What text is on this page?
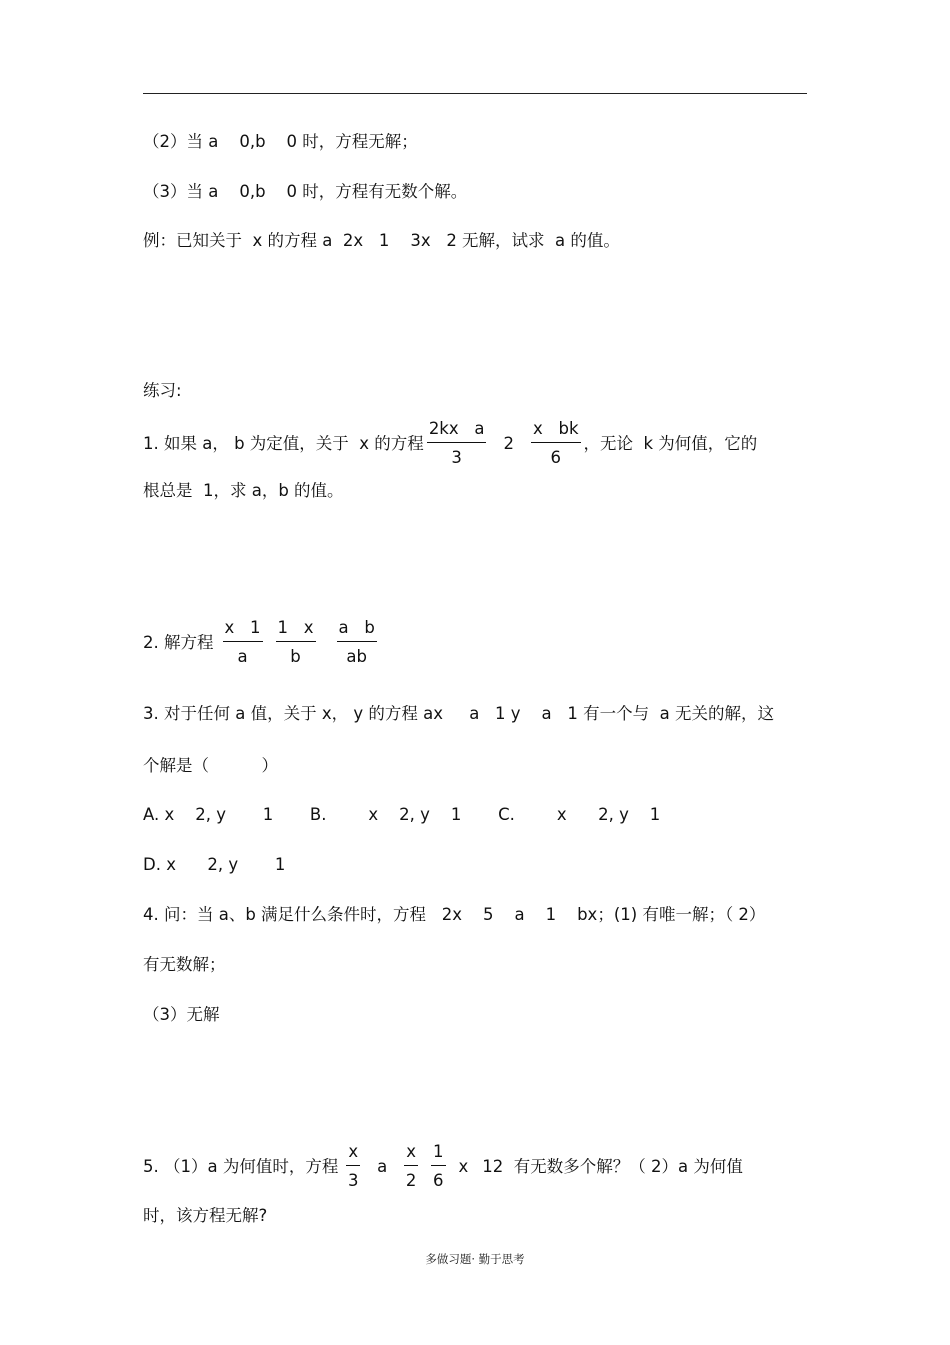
（2）当 a    0,b    0 时，方程无解；
（3）当 a    0,b    0 时，方程有无数个解。
例：已知关于  x 的方程 a  2x   1    3x   2 无解，试求  a 的值。
练习:
1. 如果 a， b 为定值，关于  x 的方程 $\frac{\text{2kx   a}}{3} 2 \frac{\text{x   bk}}{6}$ ，无论  k 为何值，它的
根总是  1，求 a，b 的值。
2. 解方程 $\frac{x 1}{a} \frac{1 x}{b} \frac{\text{a   b}}{ab}$
3. 对于任何 a 值，关于 x， y 的方程 ax     a   1 y    a   1 有一个与  a 无关的解，这
个解是（          ）
A. x    2, y       1       B.        x    2, y    1       C.        x      2, y    1
D. x      2, y       1
4. 问：当 a、b 满足什么条件时，方程   2x    5    a    1    bx；(1) 有唯一解；（ 2）
有无数解；
（3）无解
5. （1）a 为何值时，方程 $\frac{x}{3}$ a $\frac{x}{2} \frac{1}{6}$ x 12  有无数多个解？（ 2）a 为何值
时，该方程无解?
多做习题· 勤于思考
